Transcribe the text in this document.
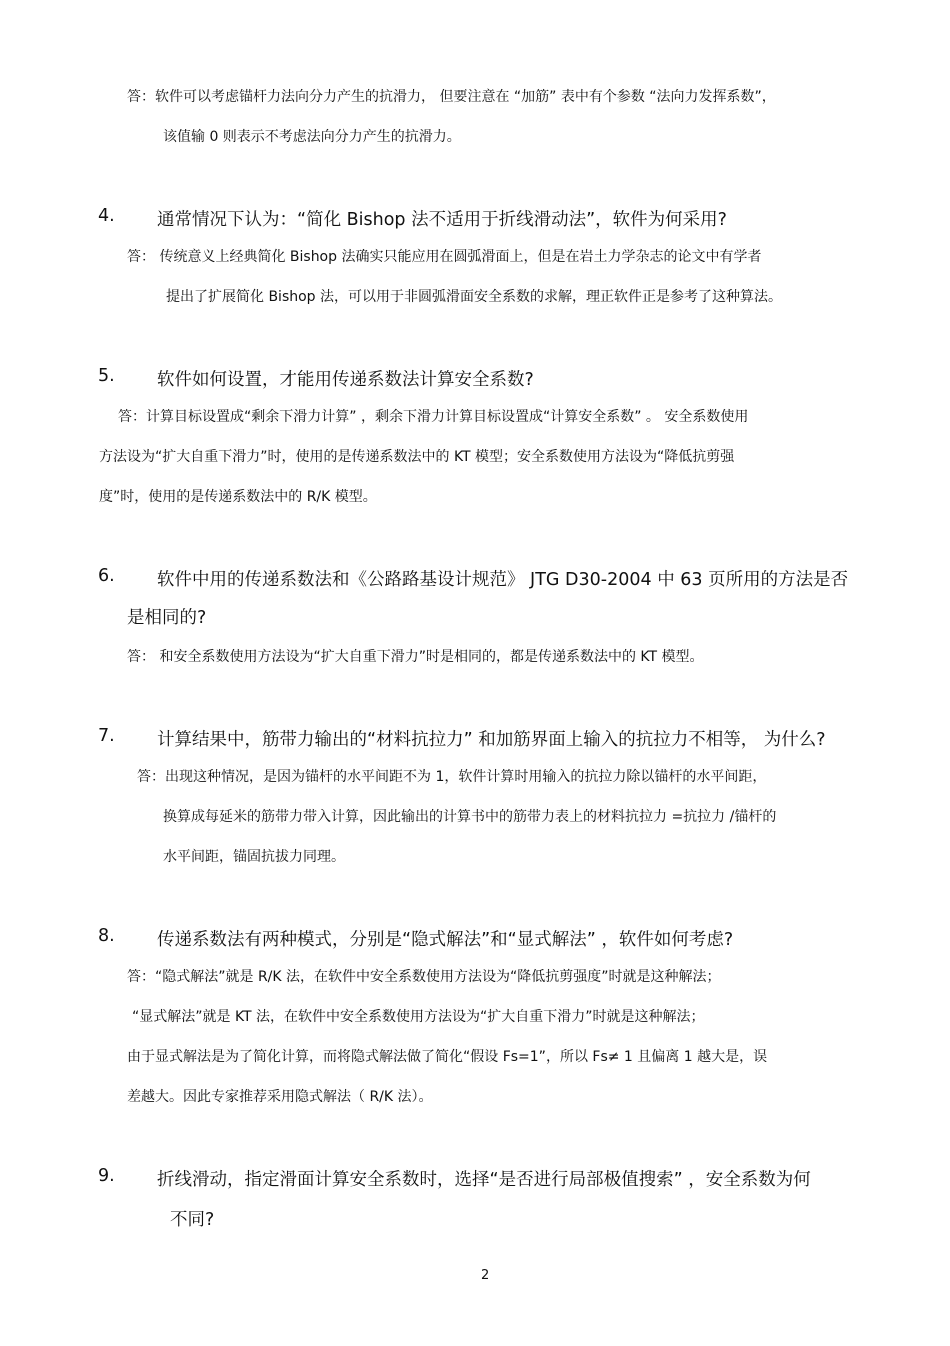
答：软件可以考虑锚杆力法向分力产生的抗滑力， 但要注意在 “加筋” 表中有个参数 “法向力发挥系数”，
该值输 0 则表示不考虑法向分力产生的抗滑力。
4. 通常情况下认为：“简化 Bishop 法不适用于折线滑动法”，软件为何采用?
答： 传统意义上经典简化 Bishop 法确实只能应用在圆弧滑面上，但是在岩土力学杂志的论文中有学者
提出了扩展简化 Bishop 法，可以用于非圆弧滑面安全系数的求解，理正软件正是参考了这种算法。
5. 软件如何设置，才能用传递系数法计算安全系数?
答：计算目标设置成“剩余下滑力计算” ，剩余下滑力计算目标设置成“计算安全系数” 。 安全系数使用
方法设为“扩大自重下滑力”时，使用的是传递系数法中的 KT 模型；安全系数使用方法设为“降低抗剪强
度”时，使用的是传递系数法中的 R/K 模型。
6. 软件中用的传递系数法和《公路路基设计规范》 JTG D30-2004 中 63 页所用的方法是否
是相同的?
答： 和安全系数使用方法设为“扩大自重下滑力”时是相同的，都是传递系数法中的 KT 模型。
7. 计算结果中，筋带力输出的“材料抗拉力” 和加筋界面上输入的抗拉力不相等， 为什么?
答：出现这种情况，是因为锚杆的水平间距不为 1，软件计算时用输入的抗拉力除以锚杆的水平间距，
换算成每延米的筋带力带入计算，因此输出的计算书中的筋带力表上的材料抗拉力 =抗拉力 /锚杆的
水平间距，锚固抗拔力同理。
8. 传递系数法有两种模式，分别是“隐式解法”和“显式解法” ，软件如何考虑?
答：“隐式解法”就是 R/K 法，在软件中安全系数使用方法设为“降低抗剪强度”时就是这种解法；
“显式解法”就是 KT 法，在软件中安全系数使用方法设为“扩大自重下滑力”时就是这种解法；
由于显式解法是为了简化计算，而将隐式解法做了简化“假设 Fs=1”，所以 Fs≠ 1 且偏离 1 越大是，误
差越大。因此专家推荐采用隐式解法（ R/K 法）。
9. 折线滑动，指定滑面计算安全系数时，选择“是否进行局部极值搜索” ，安全系数为何
不同?
2
